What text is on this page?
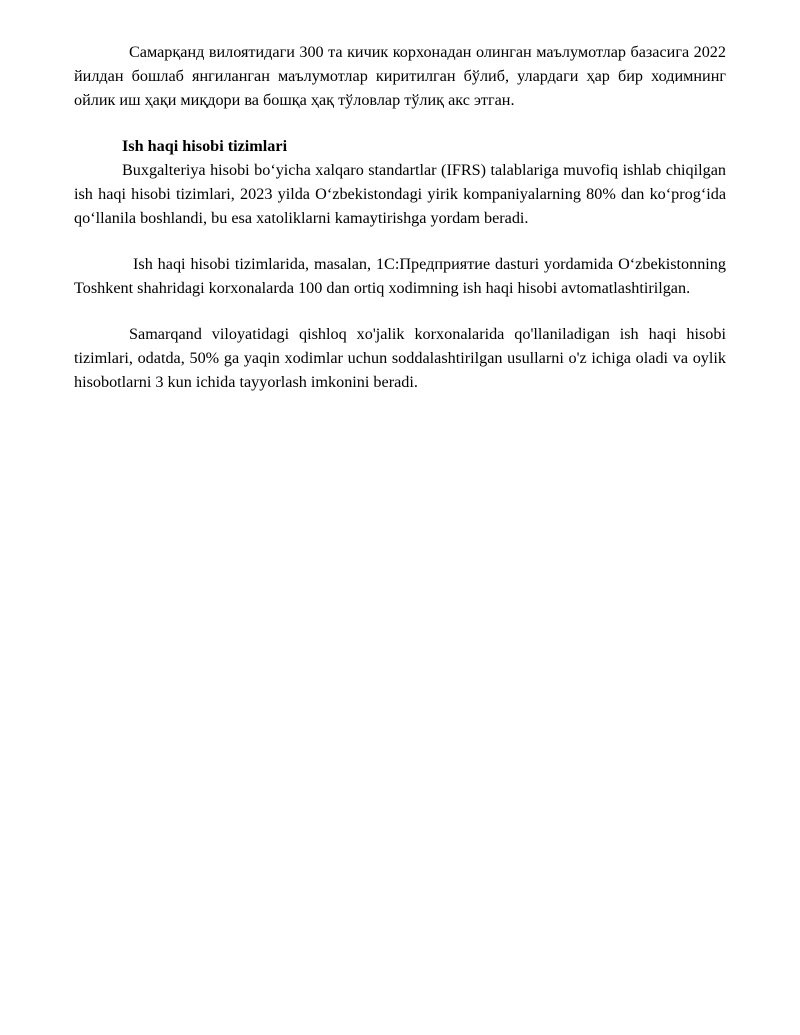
Самарқанд вилоятидаги 300 та кичик корхонадан олинган маълумотлар базасига 2022 йилдан бошлаб янгиланган маълумотлар киритилган бўлиб, улардаги ҳар бир ходимнинг ойлик иш ҳақи миқдори ва бошқа ҳақ тўловлар тўлиқ акс этган.

Ish haqi hisobi tizimlari

Buxgalteriya hisobi boʻyicha xalqaro standartlar (IFRS) talablariga muvofiq ishlab chiqilgan ish haqi hisobi tizimlari, 2023 yilda Oʻzbekistondagi yirik kompaniyalarning 80% dan koʻprogʻida qoʻllanila boshlandi, bu esa xatoliklarni kamaytirishga yordam beradi.

Ish haqi hisobi tizimlarida, masalan, 1C:Предприятие dasturi yordamida Oʻzbekistonning Toshkent shahridagi korxonalarda 100 dan ortiq xodimning ish haqi hisobi avtomatlashtirilgan.

Samarqand viloyatidagi qishloq xo'jalik korxonalarida qo'llaniladigan ish haqi hisobi tizimlari, odatda, 50% ga yaqin xodimlar uchun soddalashtirilgan usullarni o'z ichiga oladi va oylik hisobotlarni 3 kun ichida tayyorlash imkonini beradi.
